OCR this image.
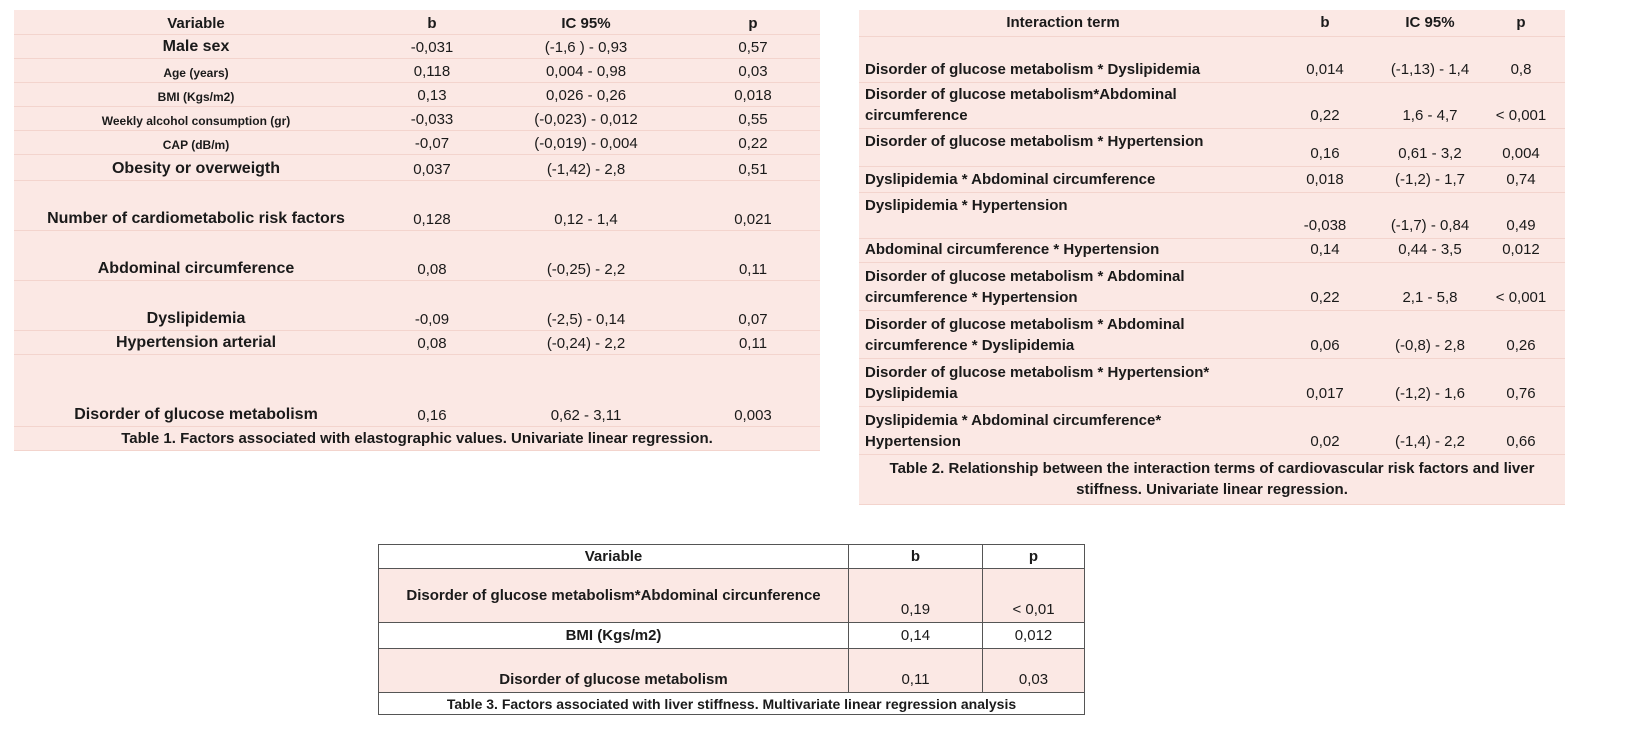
Variable	b	IC 95%	p
Male sex	-0,031	(-1,6 ) - 0,93	0,57
Age (years)	0,118	0,004 - 0,98	0,03
BMI (Kgs/m2)	0,13	0,026 - 0,26	0,018
Weekly alcohol consumption (gr)	-0,033	(-0,023) - 0,012	0,55
CAP (dB/m)	-0,07	(-0,019) - 0,004	0,22
Obesity or overweigth	0,037	(-1,42) - 2,8	0,51
Number of cardiometabolic risk factors	0,128	0,12 - 1,4	0,021
Abdominal circumference	0,08	(-0,25) - 2,2	0,11
Dyslipidemia	-0,09	(-2,5) - 0,14	0,07
Hypertension arterial	0,08	(-0,24) - 2,2	0,11
Disorder of glucose metabolism	0,16	0,62 - 3,11	0,003
Table 1. Factors associated with elastographic values. Univariate linear regression.			
Interaction term	b	IC 95%	p
Disorder of glucose metabolism * Dyslipidemia	0,014	(-1,13) - 1,4	0,8
Disorder of glucose metabolism*Abdominal circumference	0,22	1,6 - 4,7	< 0,001
Disorder of glucose metabolism * Hypertension	0,16	0,61 - 3,2	0,004
Dyslipidemia * Abdominal circumference	0,018	(-1,2) - 1,7	0,74
Dyslipidemia * Hypertension	-0,038	(-1,7) - 0,84	0,49
Abdominal circumference * Hypertension	0,14	0,44 - 3,5	0,012
Disorder of glucose metabolism * Abdominal circumference * Hypertension	0,22	2,1 - 5,8	< 0,001
Disorder of glucose metabolism * Abdominal circumference * Dyslipidemia	0,06	(-0,8) - 2,8	0,26
Disorder of glucose metabolism * Hypertension* Dyslipidemia	0,017	(-1,2) - 1,6	0,76
Dyslipidemia * Abdominal circumference* Hypertension	0,02	(-1,4) - 2,2	0,66
Table 2. Relationship between the interaction terms of cardiovascular risk factors and liver stiffness. Univariate linear regression.			
Variable	b	p
Disorder of glucose metabolism*Abdominal circunference	0,19	< 0,01
BMI (Kgs/m2)	0,14	0,012
Disorder of glucose metabolism	0,11	0,03
Table 3. Factors associated with liver stiffness. Multivariate linear regression analysis		
